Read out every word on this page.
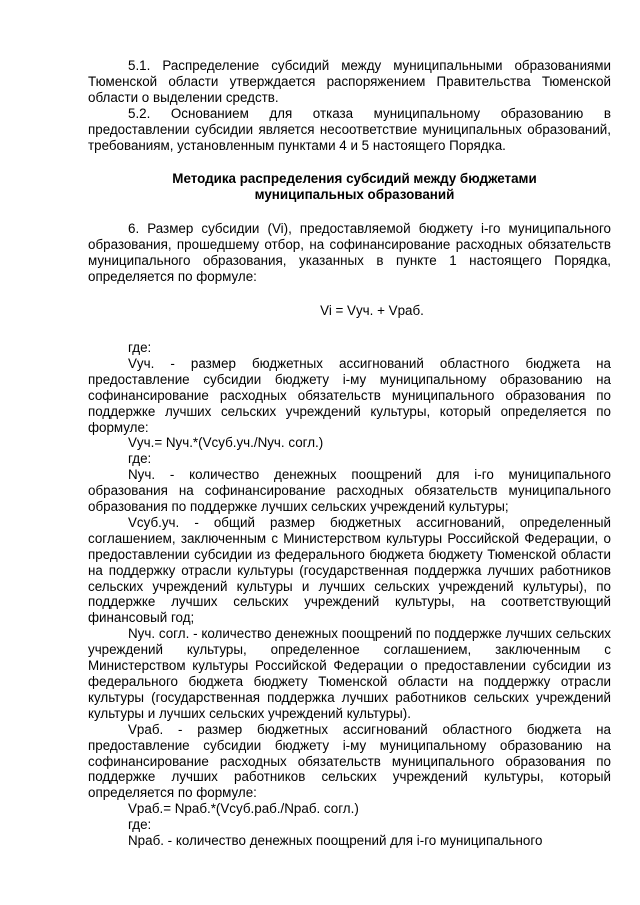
5.1. Распределение субсидий между муниципальными образованиями Тюменской области утверждается распоряжением Правительства Тюменской области о выделении средств.

5.2. Основанием для отказа муниципальному образованию в предоставлении субсидии является несоответствие муниципальных образований, требованиям, установленным пунктами 4 и 5 настоящего Порядка.

Методика распределения субсидий между бюджетами
муниципальных образований

6. Размер субсидии (Vi), предоставляемой бюджету i-го муниципального образования, прошедшему отбор, на софинансирование расходных обязательств муниципального образования, указанных в пункте 1 настоящего Порядка, определяется по формуле:

Vi = Vуч. + Vраб.

где:

Vуч. - размер бюджетных ассигнований областного бюджета на предоставление субсидии бюджету i-му муниципальному образованию на софинансирование расходных обязательств муниципального образования по поддержке лучших сельских учреждений культуры, который определяется по формуле:

Vуч.= Nуч.*(Vсуб.уч./Nуч. согл.)

где:

Nуч. - количество денежных поощрений для i-го муниципального образования на софинансирование расходных обязательств муниципального образования по поддержке лучших сельских учреждений культуры;

Vсуб.уч. - общий размер бюджетных ассигнований, определенный соглашением, заключенным с Министерством культуры Российской Федерации, о предоставлении субсидии из федерального бюджета бюджету Тюменской области на поддержку отрасли культуры (государственная поддержка лучших работников сельских учреждений культуры и лучших сельских учреждений культуры), по поддержке лучших сельских учреждений культуры, на соответствующий финансовый год;

Nуч. согл. - количество денежных поощрений по поддержке лучших сельских учреждений культуры, определенное соглашением, заключенным с Министерством культуры Российской Федерации о предоставлении субсидии из федерального бюджета бюджету Тюменской области на поддержку отрасли культуры (государственная поддержка лучших работников сельских учреждений культуры и лучших сельских учреждений культуры).

Vраб. - размер бюджетных ассигнований областного бюджета на предоставление субсидии бюджету i-му муниципальному образованию на софинансирование расходных обязательств муниципального образования по поддержке лучших работников сельских учреждений культуры, который определяется по формуле:

Vраб.= Nраб.*(Vсуб.раб./Nраб. согл.)

где:

Nраб. - количество денежных поощрений для i-го муниципального
